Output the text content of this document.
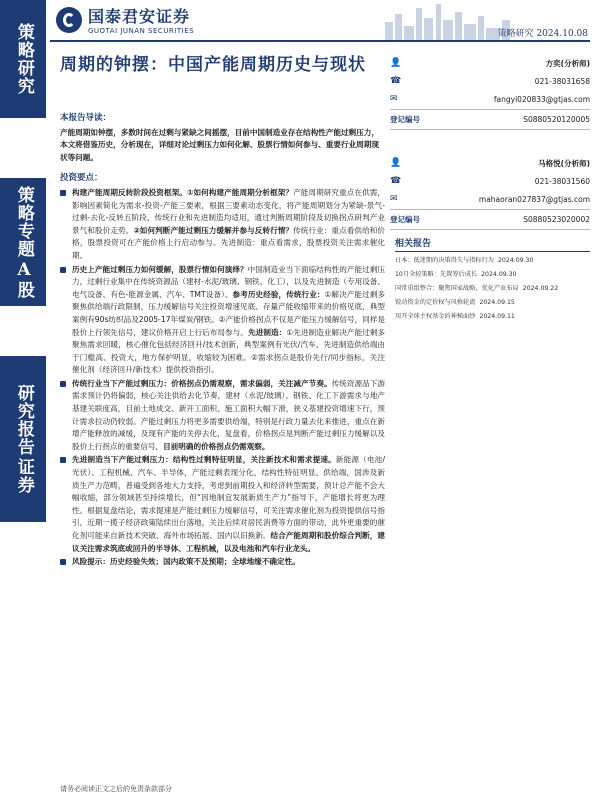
策略研究
A股
策略专题
证券
研究报告
国泰君安证券
GUOTAI JUNAN SECURITIES	策略研究 2024.10.08
周期的钟摆：中国产能周期历史与现状	👤	方奕(分析师)
☎	021-38031658
✉	fangyi020833@gtjas.com
登记编号	S0880520120005
👤	马格悦(分析师)
☎	021-38031560
✉	mahaoran027837@gtjas.com
登记编号	S0880523020002
相关报告
日本：低迷期的决策得失与指标行为 2024.09.30
10月全较策略：先置筹后成长 2024.09.30
国常重组整合：聚焦国家战略，优化产业布局 2024.09.22
锐动资金的定价权与风格轮流 2024.09.15
用开全球主权基金的神秘面纱 2024.09.11
本报告导读：
产能周期如钟摆，多数时间在过剩与紧缺之间摇摆，目前中国制造业存在结构性产能过剩压力，本文将借鉴历史，分析现在，详细对论过剩压力如何化解、股票行情如何参与、重要行业周期现状等问题。
投资要点：
构建产能周期反转阶段投资框架。①如何构建产能周期分析框架？产能周期研究重点在供需，影响因素简化为需求-投资-产能三要素，根据三要素动态变化，将产能周期划分为紧缺-景气-过剩-去化-反转五阶段，传统行业和先进制造均适用，通过判断周期阶段及切换拐点研判产业景气和股价走势。②如何判断产能过剩压力缓解并参与反转行情？传统行业：重点看供给和价格，股票投资可在产能价格上行启动参与。先进制造：重点看需求，股票投资关注需求催化期。
历史上产能过剩压力如何缓解，股票行情如何演绎？中国制造业当下面临结构性的产能过剩压力，过剩行业集中在传统资源品（建材-水泥/玻璃、钢铁、化工），以及先进制造（专用设备、电气设备、有色-能源金属、汽车、TMT设备）。参考历史经验，传统行业：①解决产能过剩多聚焦供给端行政限制，压力缓解信号关注投资增速见底、存量产能收缩带来的价格见底，典型案例有90s纺织品及2005-17年煤炭/钢铁。②产能价格拐点不仅是产能压力缓解信号，同样是股价上行领先信号，建议价格开启上行后布局参与。先进制造：①先进制造业解决产能过剩多聚焦需求回暖，核心催化包括经济回升/技术创新，典型案例有光伏/汽车，先进制造供给端由于门槛高、投资大，地方保护明显，收缩较为困难。②需求拐点是股价先行/同步指标，关注催化剂（经济回升/新技术）提供投资指引。
传统行业当下产能过剩压力：价格拐点仍需观察，需求偏弱，关注减产节奏。传统资源品下游需求预计仍将偏弱，核心关注供给去化节奏，建材（水泥/玻璃）、钢铁、化工下游需求与地产基建关联度高，目前土地成交、新开工面积、施工面积大幅下滑，狭义基建投资增速下行，预计需求拉动仍较弱。产能过剩压力将更多需要供给端，特别是行政力量去化来推进，重点在新增产能释放的减缓，及现有产能的关停去化，复盘看，价格拐点是判断产能过剩压力缓解以及股价上行拐点的重要信号，目前明确的价格拐点仍需观察。
先进制造当下产能过剩压力：结构性过剩特征明显，关注新技术和需求提速。新能源（电池/光伏）、工程机械、汽车、半导体，产能过剩表现分化，结构性特征明显。供给端，国涉及新质生产力范畴，普遍受到各地大力支持，考虑到前期投入和经济转型需要，预计总产能不会大幅收缩，部分领域甚至持续增长，但“因地制宜发展新质生产力”指导下，产能增长将更为理性。根据复盘结论，需求提速是产能过剩压力缓解信号，可关注需求催化剂为投资提供信号指引，近期一揽子经济政策陆续出台落地，关注后续对居民消费等方面的带动，此外更重要的催化剂可能来自新技术突破、海外市场拓展、国内以旧换新。结合产能周期和股价综合判断，建议关注需求筑底或回升的半导体、工程机械，以及电池和汽车行业龙头。
风险提示：历史经验失效；国内政策不及预期；全球地缘不确定性。
请务必阅读正文之后的免责条款部分
